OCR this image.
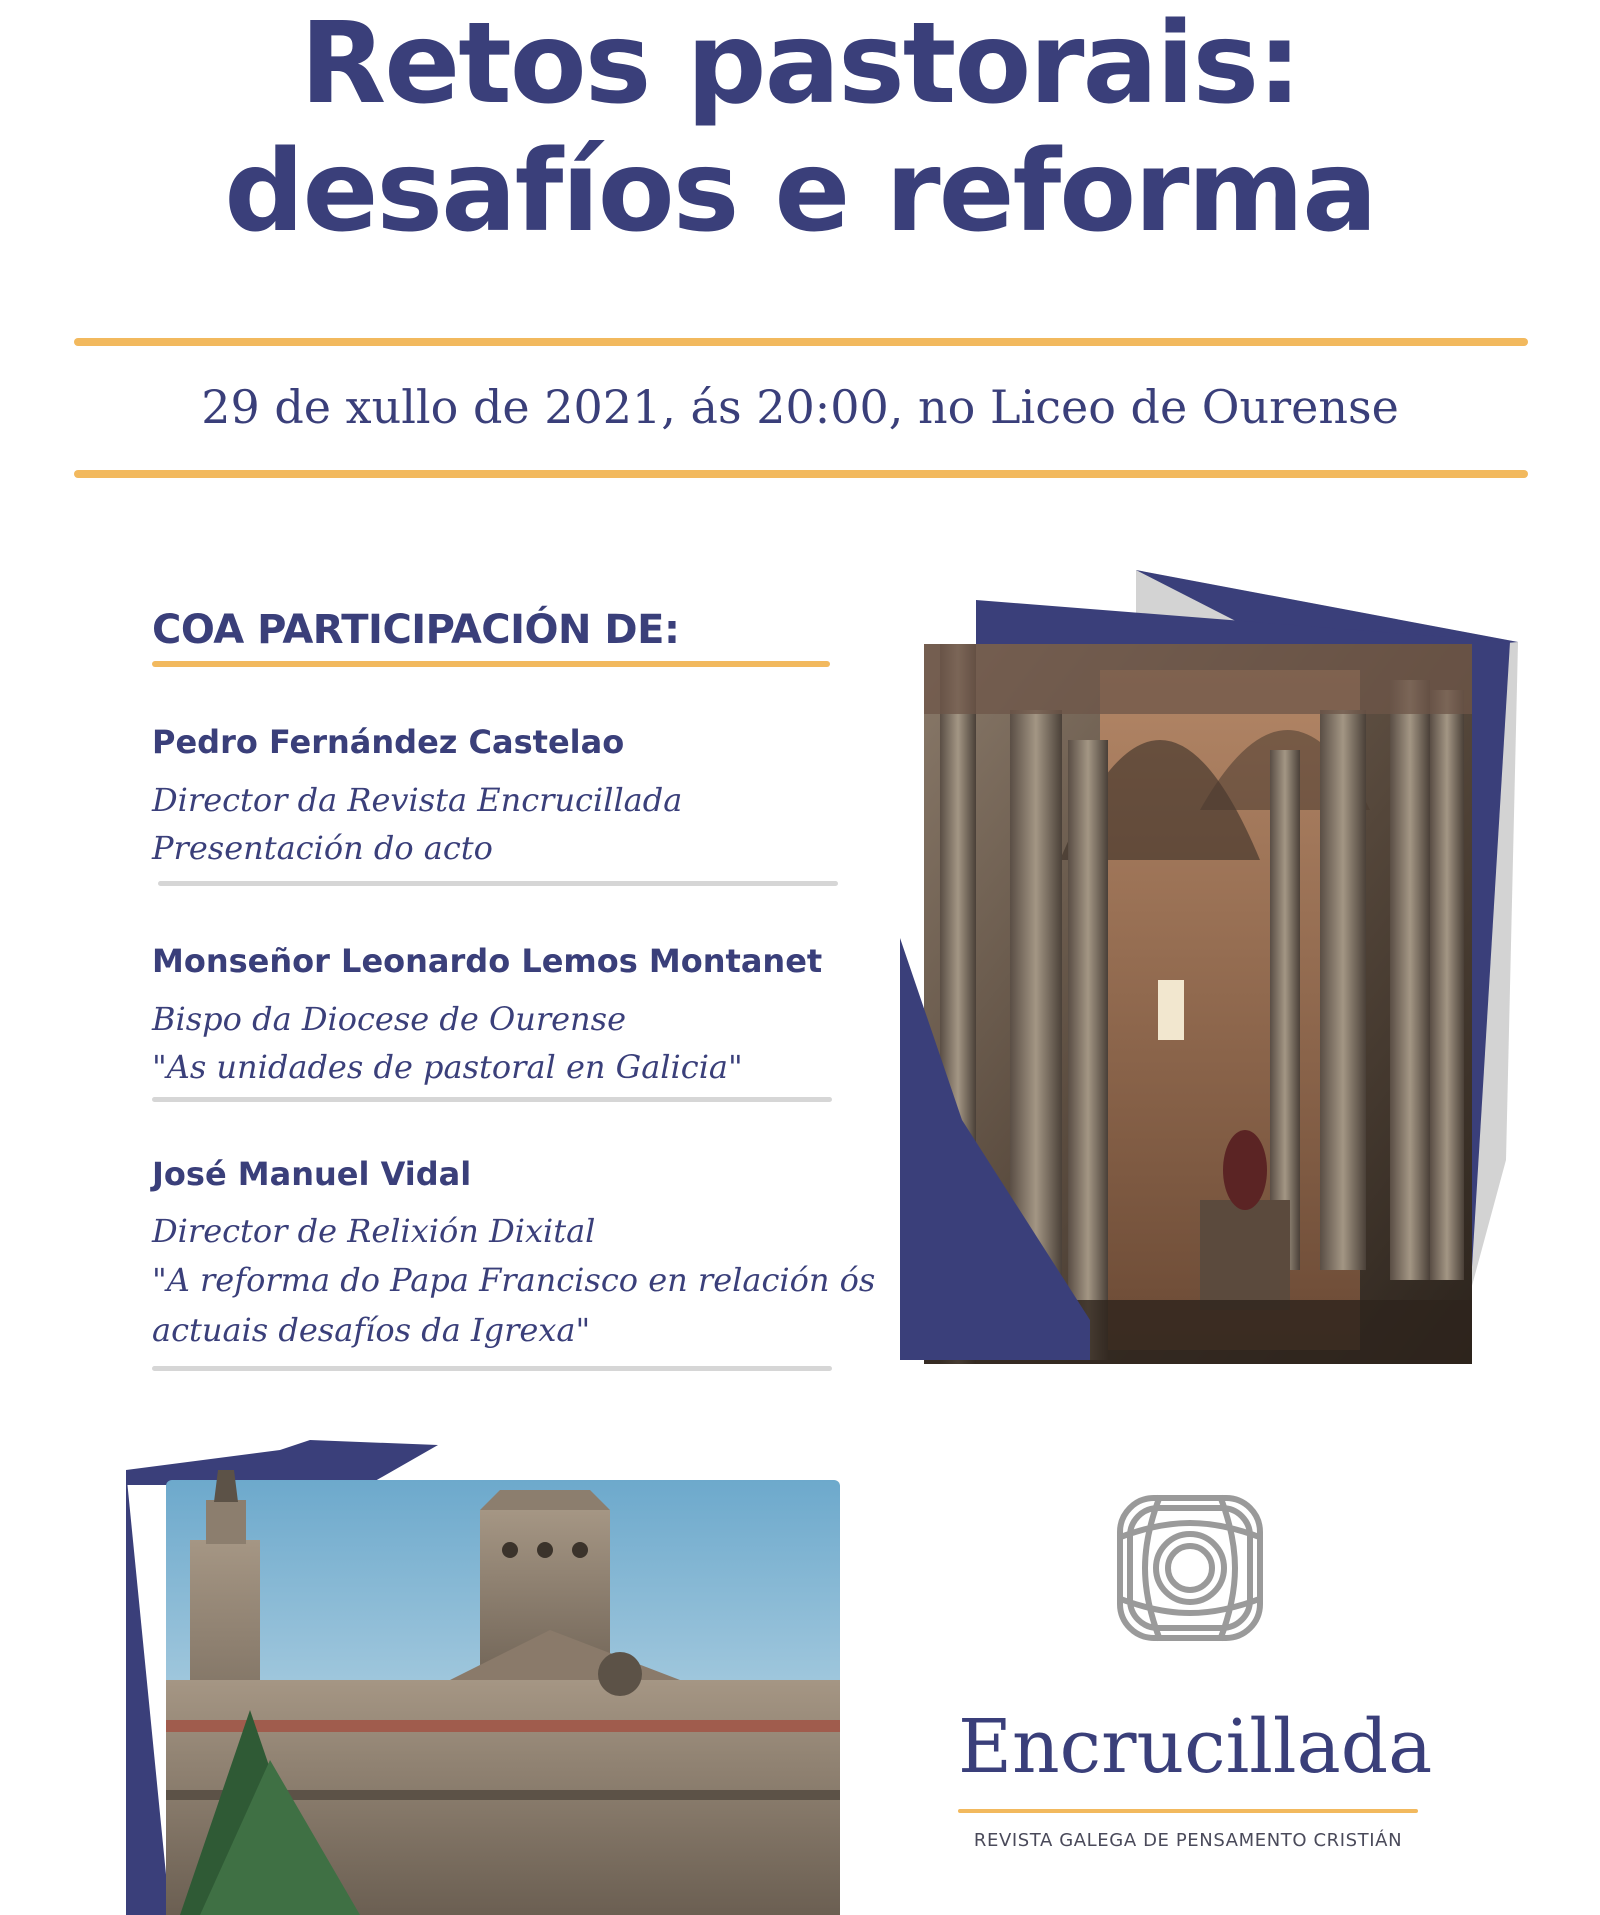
Retos pastorais:
desafíos e reforma
29 de xullo de 2021, ás 20:00, no Liceo de Ourense
COA PARTICIPACIÓN DE:
Pedro Fernández Castelao
Director da Revista Encrucillada
Presentación do acto
Monseñor Leonardo Lemos Montanet
Bispo da Diocese de Ourense
"As unidades de pastoral en Galicia"
José Manuel Vidal
Director de Relixión Dixital
"A reforma do Papa Francisco en relación ós
actuais desafíos da Igrexa"
Encrucillada
REVISTA GALEGA DE PENSAMENTO CRISTIÁN
